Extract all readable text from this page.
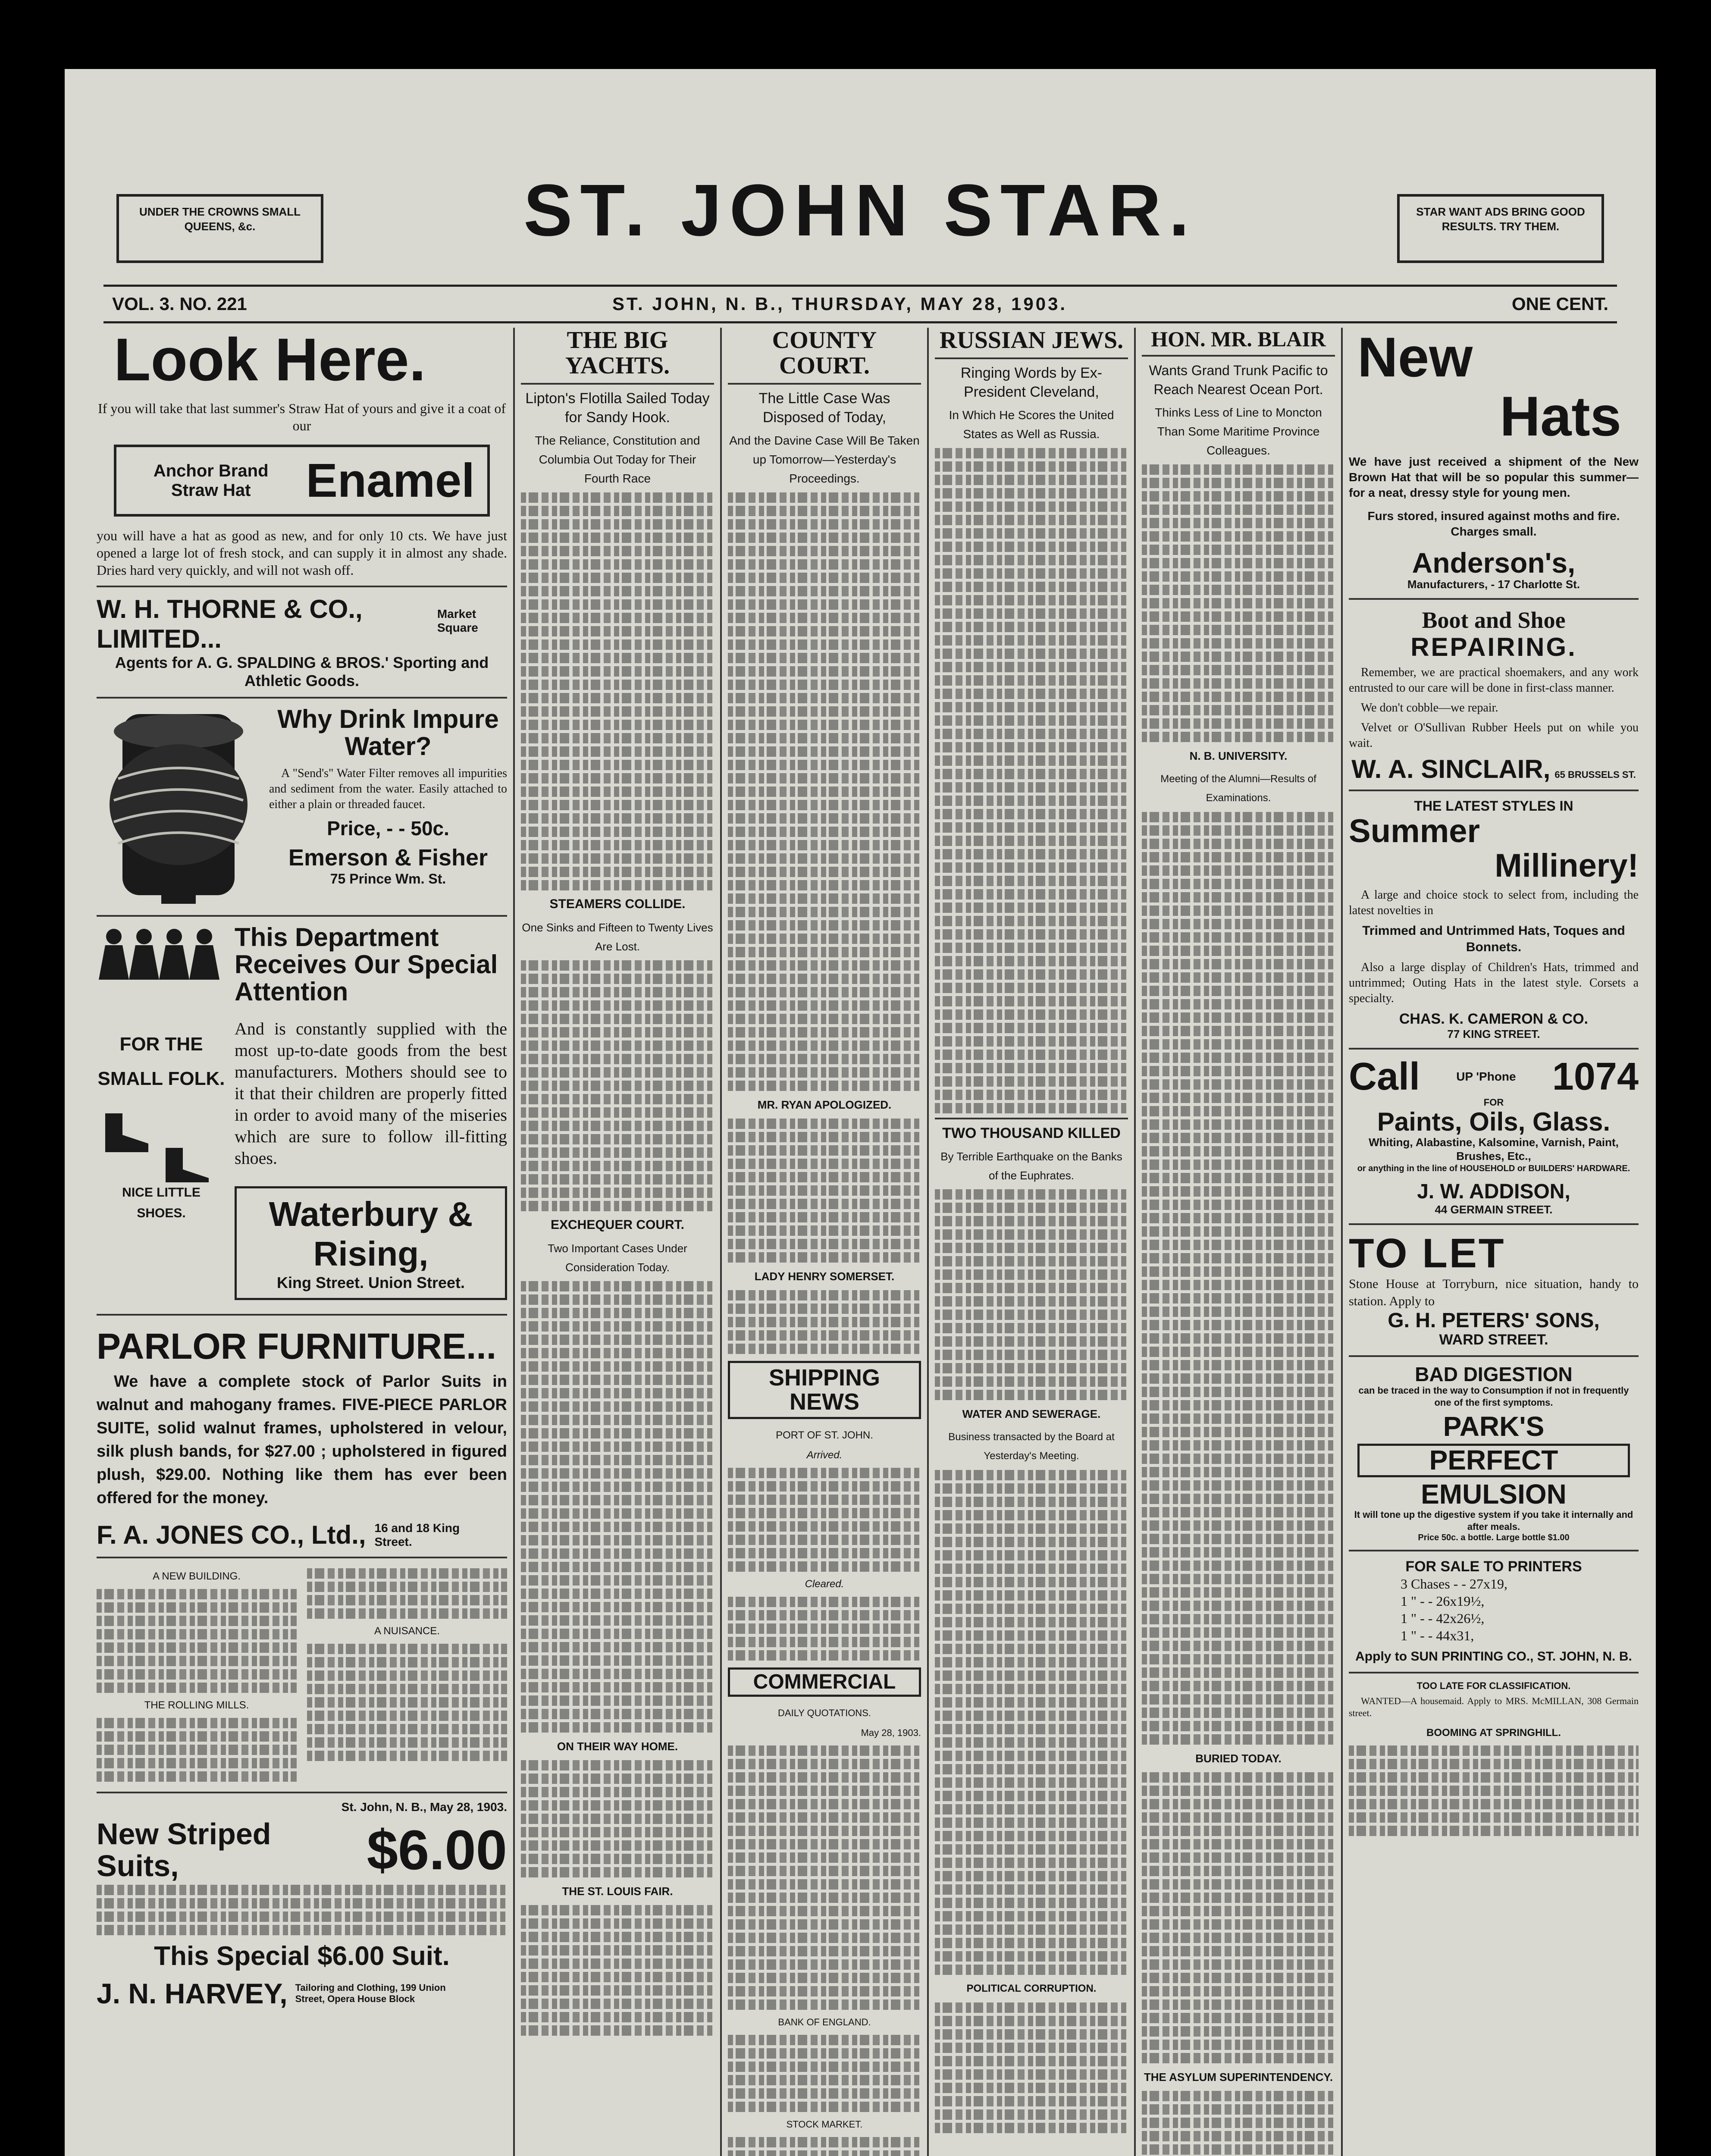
UNDER THE CROWNS SMALL QUEENS, &c.	ST. JOHN STAR.	STAR WANT ADS BRING GOOD RESULTS. TRY THEM.
VOL. 3. NO. 221	ST. JOHN, N. B., THURSDAY, MAY 28, 1903.	ONE CENT.
Look Here.
If you will take that last summer's Straw Hat of yours and give it a coat of our
Anchor Brand Straw Hat	Enamel
you will have a hat as good as new, and for only 10 cts. We have just opened a large lot of fresh stock, and can supply it in almost any shade. Dries hard very quickly, and will not wash off.
W. H. THORNE & CO., LIMITED...
Market Square
Agents for A. G. SPALDING & BROS.' Sporting and Athletic Goods.
Why Drink Impure Water?
A "Send's" Water Filter removes all impurities and sediment from the water. Easily attached to either a plain or threaded faucet.
Price, - - 50c.
Emerson & Fisher
75 Prince Wm. St.
FOR THE SMALL FOLK.
NICE LITTLE SHOES.
This Department Receives Our Special Attention
And is constantly supplied with the most up-to-date goods from the best manufacturers. Mothers should see to it that their children are properly fitted in order to avoid many of the miseries which are sure to follow ill-fitting shoes.
Waterbury & Rising,
King Street. Union Street.
PARLOR FURNITURE...
We have a complete stock of Parlor Suits in walnut and mahogany frames. FIVE-PIECE PARLOR SUITE, solid walnut frames, upholstered in velour, silk plush bands, for $27.00 ; upholstered in figured plush, $29.00. Nothing like them has ever been offered for the money.
F. A. JONES CO., Ltd., 16 and 18 King Street.
A NEW BUILDING.
THE ROLLING MILLS.
A NUISANCE.
St. John, N. B., May 28, 1903.
New Striped Suits,	$6.00
This Special $6.00 Suit.
J. N. HARVEY, Tailoring and Clothing, 199 Union Street, Opera House Block
THE BIG YACHTS.
Lipton's Flotilla Sailed Today for Sandy Hook.
The Reliance, Constitution and Columbia Out Today for Their Fourth Race
STEAMERS COLLIDE.
One Sinks and Fifteen to Twenty Lives Are Lost.
EXCHEQUER COURT.
Two Important Cases Under Consideration Today.
ON THEIR WAY HOME.
THE ST. LOUIS FAIR.
COUNTY COURT.
The Little Case Was Disposed of Today,
And the Davine Case Will Be Taken up Tomorrow—Yesterday's Proceedings.
MR. RYAN APOLOGIZED.
LADY HENRY SOMERSET.
SHIPPING NEWS
PORT OF ST. JOHN.
Arrived.
Cleared.
COMMERCIAL
DAILY QUOTATIONS.
May 28, 1903.
BANK OF ENGLAND.
STOCK MARKET.
RUSSIAN JEWS.
Ringing Words by Ex-President Cleveland,
In Which He Scores the United States as Well as Russia.
TWO THOUSAND KILLED
By Terrible Earthquake on the Banks of the Euphrates.
WATER AND SEWERAGE.
Business transacted by the Board at Yesterday's Meeting.
POLITICAL CORRUPTION.
HON. MR. BLAIR
Wants Grand Trunk Pacific to Reach Nearest Ocean Port.
Thinks Less of Line to Moncton Than Some Maritime Province Colleagues.
N. B. UNIVERSITY.
Meeting of the Alumni—Results of Examinations.
BURIED TODAY.
THE ASYLUM SUPERINTENDENCY.
New
Hats
We have just received a shipment of the New Brown Hat that will be so popular this summer—for a neat, dressy style for young men.
Furs stored, insured against moths and fire. Charges small.
Anderson's,
Manufacturers, - 17 Charlotte St.
Boot and Shoe
REPAIRING.
Remember, we are practical shoemakers, and any work entrusted to our care will be done in first-class manner.
We don't cobble—we repair.
Velvet or O'Sullivan Rubber Heels put on while you wait.
W. A. SINCLAIR, 65 BRUSSELS ST.
THE LATEST STYLES IN
Summer
Millinery!
A large and choice stock to select from, including the latest novelties in
Trimmed and Untrimmed Hats, Toques and Bonnets.
Also a large display of Children's Hats, trimmed and untrimmed; Outing Hats in the latest style. Corsets a specialty.
CHAS. K. CAMERON & CO.
77 KING STREET.
Call	UP 'Phone 1074
FOR
Paints, Oils, Glass.
Whiting, Alabastine, Kalsomine, Varnish, Paint, Brushes, Etc.,
or anything in the line of HOUSEHOLD or BUILDERS' HARDWARE.
J. W. ADDISON,
44 GERMAIN STREET.
TO LET
Stone House at Torryburn, nice situation, handy to station. Apply to
G. H. PETERS' SONS,
WARD STREET.
BAD DIGESTION
can be traced in the way to Consumption if not in frequently one of the first symptoms.
PARK'S
PERFECT
EMULSION
It will tone up the digestive system if you take it internally and after meals.
Price 50c. a bottle. Large bottle $1.00
FOR SALE TO PRINTERS
3 Chases - - 27x19,
1 " - - 26x19½,
1 " - - 42x26½,
1 " - - 44x31,
Apply to SUN PRINTING CO., ST. JOHN, N. B.
TOO LATE FOR CLASSIFICATION.
WANTED—A housemaid. Apply to MRS. McMILLAN, 308 Germain street.
BOOMING AT SPRINGHILL.
